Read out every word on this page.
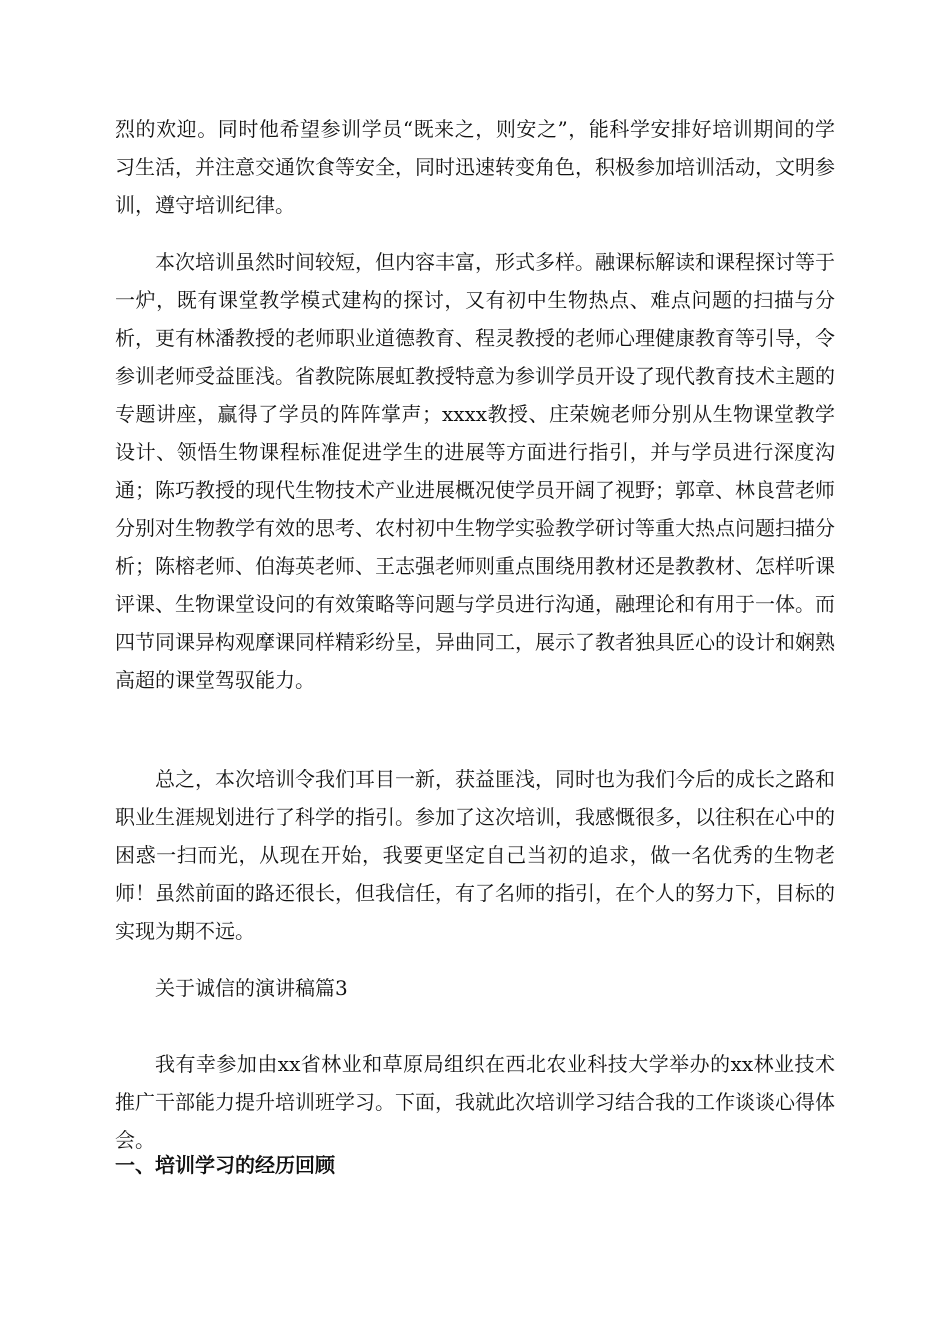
烈的欢迎。同时他希望参训学员“既来之，则安之”，能科学安排好培训期间的学习生活，并注意交通饮食等安全，同时迅速转变角色，积极参加培训活动，文明参训，遵守培训纪律。

本次培训虽然时间较短，但内容丰富，形式多样。融课标解读和课程探讨等于一炉，既有课堂教学模式建构的探讨，又有初中生物热点、难点问题的扫描与分析，更有林潘教授的老师职业道德教育、程灵教授的老师心理健康教育等引导，令参训老师受益匪浅。省教院陈展虹教授特意为参训学员开设了现代教育技术主题的专题讲座，赢得了学员的阵阵掌声；xxxx教授、庄荣婉老师分别从生物课堂教学设计、领悟生物课程标准促进学生的进展等方面进行指引，并与学员进行深度沟通；陈巧教授的现代生物技术产业进展概况使学员开阔了视野；郭章、林良营老师分别对生物教学有效的思考、农村初中生物学实验教学研讨等重大热点问题扫描分析；陈榕老师、伯海英老师、王志强老师则重点围绕用教材还是教教材、怎样听课评课、生物课堂设问的有效策略等问题与学员进行沟通，融理论和有用于一体。而四节同课异构观摩课同样精彩纷呈，异曲同工，展示了教者独具匠心的设计和娴熟高超的课堂驾驭能力。

总之，本次培训令我们耳目一新，获益匪浅，同时也为我们今后的成长之路和职业生涯规划进行了科学的指引。参加了这次培训，我感慨很多，以往积在心中的困惑一扫而光，从现在开始，我要更坚定自己当初的追求，做一名优秀的生物老师！虽然前面的路还很长，但我信任，有了名师的指引，在个人的努力下，目标的实现为期不远。

关于诚信的演讲稿篇3

我有幸参加由xx省林业和草原局组织在西北农业科技大学举办的xx林业技术推广干部能力提升培训班学习。下面，我就此次培训学习结合我的工作谈谈心得体会。

一、培训学习的经历回顾
